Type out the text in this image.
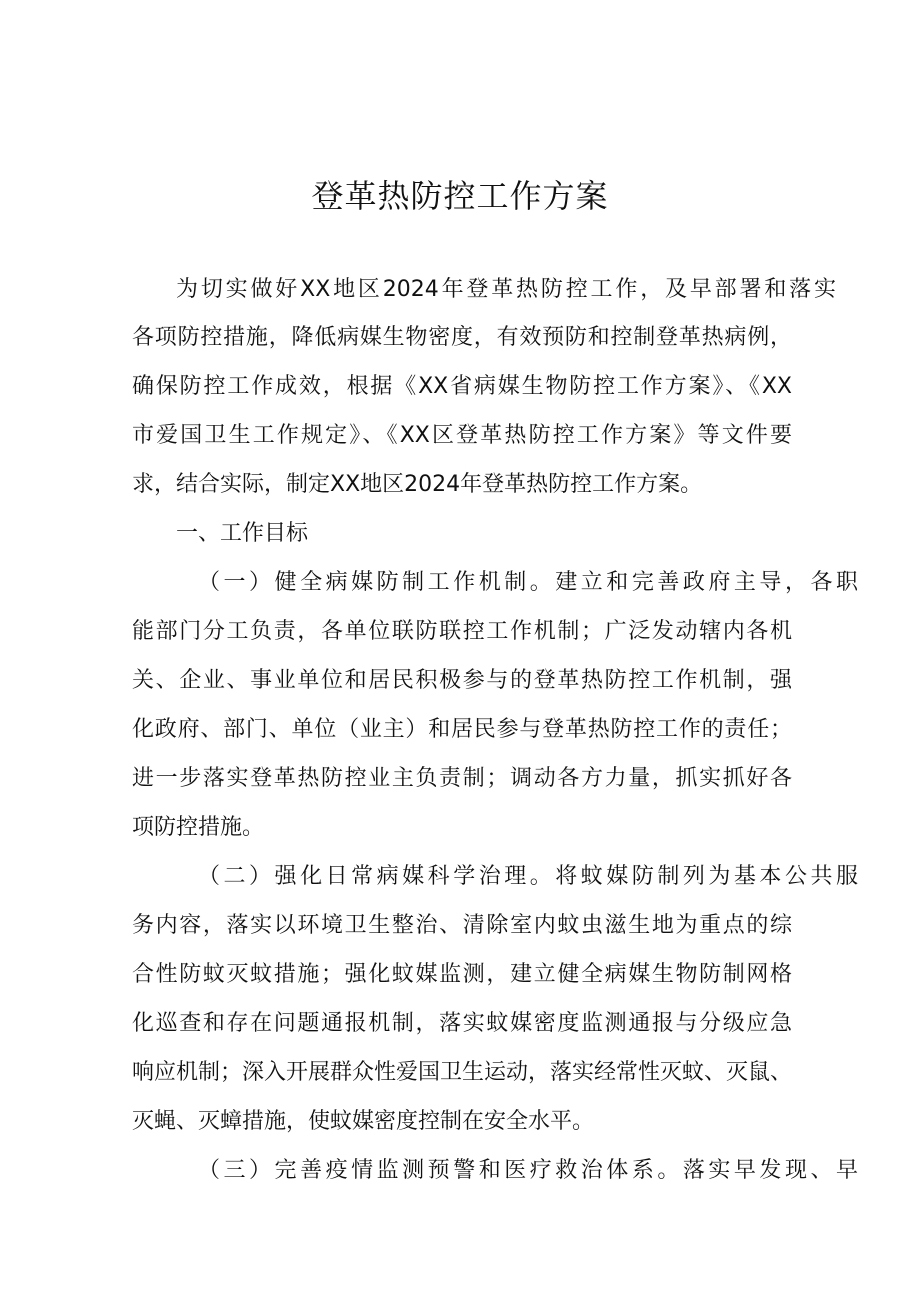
登革热防控工作方案
为切实做好XX地区2024年登革热防控工作，及早部署和落实
各项防控措施，降低病媒生物密度，有效预防和控制登革热病例，
确保防控工作成效，根据《XX省病媒生物防控工作方案》、《XX
市爱国卫生工作规定》、《XX区登革热防控工作方案》等文件要
求，结合实际，制定XX地区2024年登革热防控工作方案。
一、工作目标
（一）健全病媒防制工作机制。建立和完善政府主导，各职
能部门分工负责，各单位联防联控工作机制；广泛发动辖内各机
关、企业、事业单位和居民积极参与的登革热防控工作机制，强
化政府、部门、单位（业主）和居民参与登革热防控工作的责任；
进一步落实登革热防控业主负责制；调动各方力量，抓实抓好各
项防控措施。
（二）强化日常病媒科学治理。将蚊媒防制列为基本公共服
务内容，落实以环境卫生整治、清除室内蚊虫滋生地为重点的综
合性防蚊灭蚊措施；强化蚊媒监测，建立健全病媒生物防制网格
化巡查和存在问题通报机制，落实蚊媒密度监测通报与分级应急
响应机制；深入开展群众性爱国卫生运动，落实经常性灭蚊、灭鼠、
灭蝇、灭蟑措施，使蚊媒密度控制在安全水平。
（三）完善疫情监测预警和医疗救治体系。落实早发现、早
